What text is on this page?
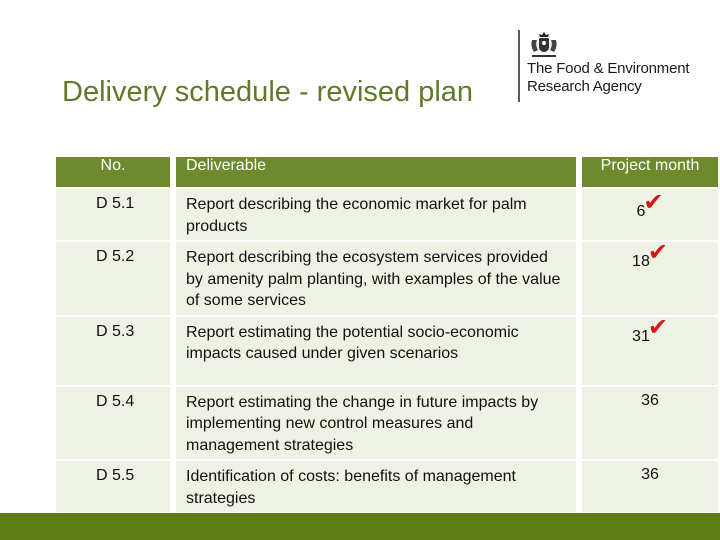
Delivery schedule - revised plan
The Food & Environment
Research Agency
No.		Deliverable		Project month
D 5.1		Report describing the economic market for palm products		6✔
D 5.2		Report describing the ecosystem services provided by amenity palm planting, with examples of the value of some services		18✔
D 5.3		Report estimating the potential socio-economic impacts caused under given scenarios		31✔
D 5.4		Report estimating the change in future impacts by implementing new control measures and management strategies		36
D 5.5		Identification of costs: benefits of management strategies		36
